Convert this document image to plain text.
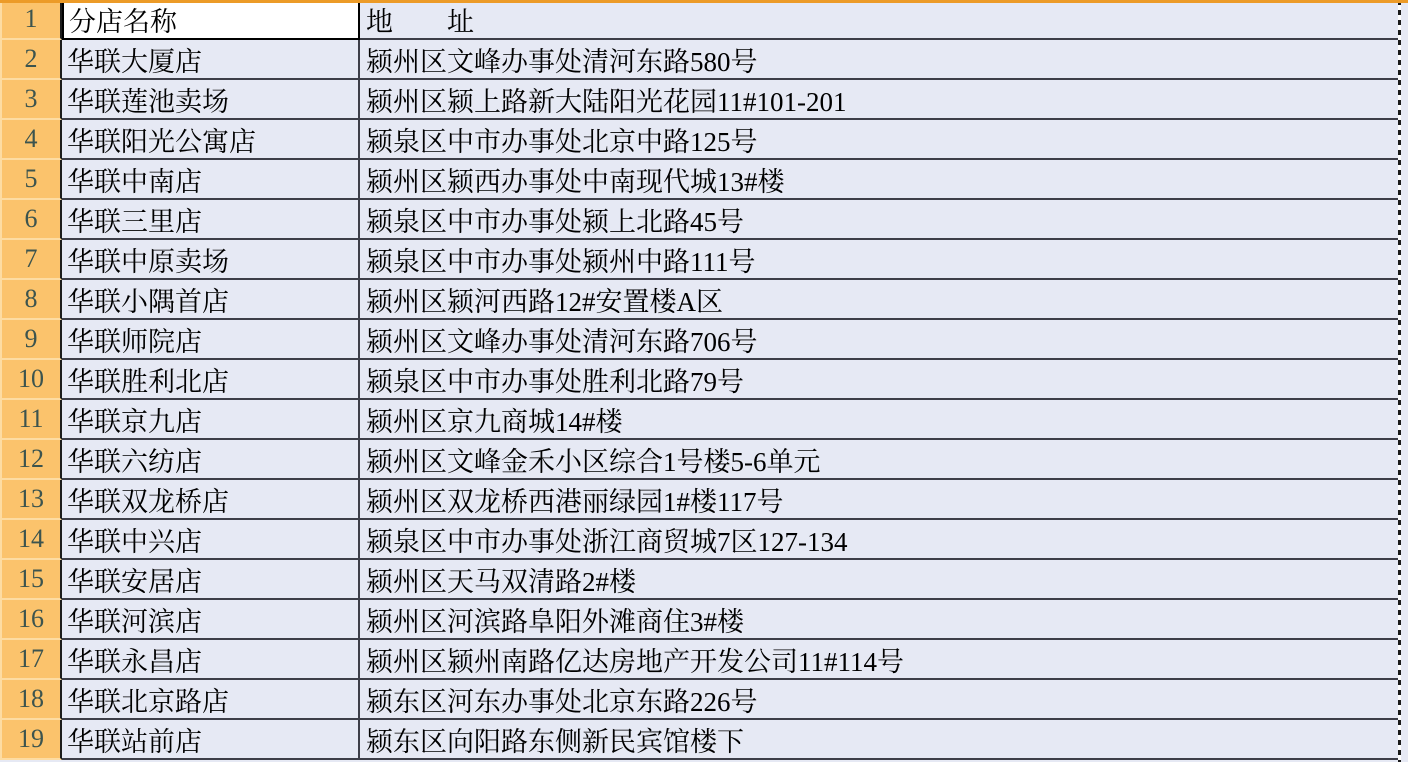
1	分店名称	地　　址
2	华联大厦店	颍州区文峰办事处清河东路580号
3	华联莲池卖场	颍州区颍上路新大陆阳光花园11#101-201
4	华联阳光公寓店	颍泉区中市办事处北京中路125号
5	华联中南店	颍州区颍西办事处中南现代城13#楼
6	华联三里店	颍泉区中市办事处颍上北路45号
7	华联中原卖场	颍泉区中市办事处颍州中路111号
8	华联小隅首店	颍州区颍河西路12#安置楼A区
9	华联师院店	颍州区文峰办事处清河东路706号
10 华联胜利北店	颍泉区中市办事处胜利北路79号
11 华联京九店	颍州区京九商城14#楼
12 华联六纺店	颍州区文峰金禾小区综合1号楼5-6单元
13 华联双龙桥店	颍州区双龙桥西港丽绿园1#楼117号
14 华联中兴店	颍泉区中市办事处浙江商贸城7区127-134
15 华联安居店	颍州区天马双清路2#楼
16 华联河滨店	颍州区河滨路阜阳外滩商住3#楼
17 华联永昌店	颍州区颍州南路亿达房地产开发公司11#114号
18 华联北京路店	颍东区河东办事处北京东路226号
19 华联站前店	颍东区向阳路东侧新民宾馆楼下
